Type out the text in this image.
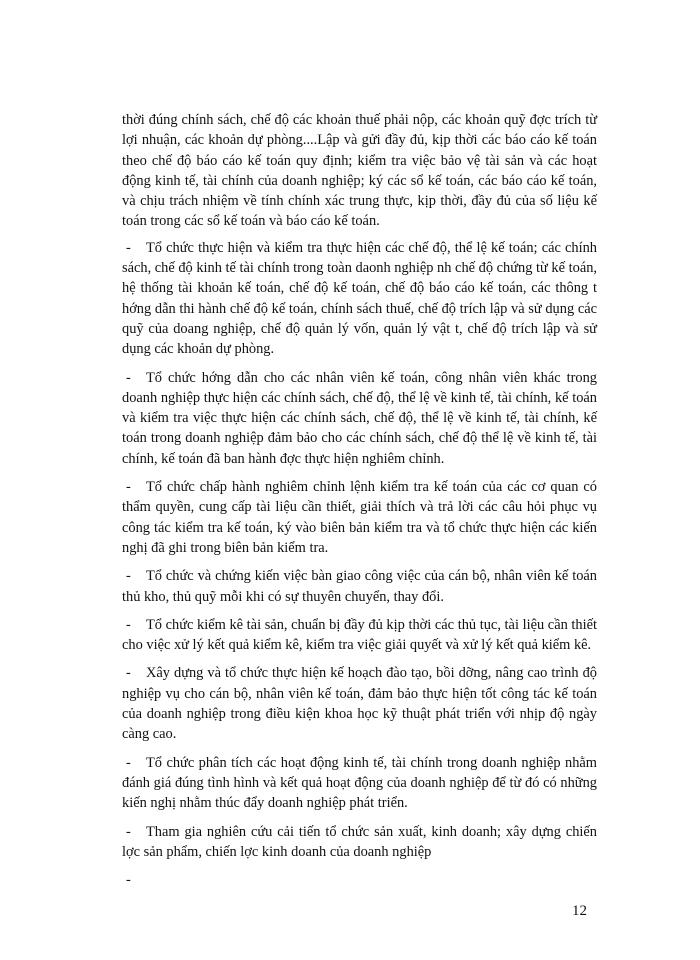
thời đúng chính sách, chế độ các khoản thuế phải nộp, các khoản quỹ đợc trích từ lợi nhuận, các khoản dự phòng....Lập và gửi đầy đủ, kịp thời các báo cáo kế toán theo chế độ báo cáo kế toán quy định; kiểm tra việc bảo vệ tài sản và các hoạt động kinh tế, tài chính của doanh nghiệp; ký các sổ kế toán, các báo cáo kế toán, và chịu trách nhiệm về tính chính xác trung thực, kịp thời, đầy đủ của số liệu kế toán trong các sổ kế toán và báo cáo kế toán.

- Tổ chức thực hiện và kiểm tra thực hiện các chế độ, thể lệ kế toán; các chính sách, chế độ kinh tế tài chính trong toàn daonh nghiệp nh chế độ chứng từ kế toán, hệ thống tài khoản kế toán, chế độ kế toán, chế độ báo cáo kế toán, các thông t hớng dẫn thi hành chế độ kế toán, chính sách thuế, chế độ trích lập và sử dụng các quỹ của doang nghiệp, chế độ quản lý vốn, quản lý vật t, chế độ trích lập và sử dụng các khoản dự phòng.

- Tổ chức hớng dẫn cho các nhân viên kế toán, công nhân viên khác trong doanh nghiệp thực hiện các chính sách, chế độ, thể lệ về kinh tế, tài chính, kế toán và kiểm tra việc thực hiện các chính sách, chế độ, thể lệ về kinh tế, tài chính, kế toán trong doanh nghiệp đảm bảo cho các chính sách, chế độ thể lệ về kinh tế, tài chính, kế toán đã ban hành đợc thực hiện nghiêm chỉnh.

- Tổ chức chấp hành nghiêm chỉnh lệnh kiểm tra kế toán của các cơ quan có thẩm quyền, cung cấp tài liệu cần thiết, giải thích và trả lời các câu hỏi phục vụ công tác kiểm tra kế toán, ký vào biên bản kiểm tra và tổ chức thực hiện các kiến nghị đã ghi trong biên bản kiểm tra.

- Tổ chức và chứng kiến việc bàn giao công việc của cán bộ, nhân viên kế toán thủ kho, thủ quỹ mỗi khi có sự thuyên chuyển, thay đổi.

- Tổ chức kiểm kê tài sản, chuẩn bị đầy đủ kịp thời các thủ tục, tài liệu cần thiết cho việc xử lý kết quả kiểm kê, kiểm tra việc giải quyết và xử lý kết quả kiểm kê.

- Xây dựng và tổ chức thực hiện kế hoạch đào tạo, bồi dỡng, nâng cao trình độ nghiệp vụ cho cán bộ, nhân viên kế toán, đảm bảo thực hiện tốt công tác kế toán của doanh nghiệp trong điều kiện khoa học kỹ thuật phát triển với nhịp độ ngày càng cao.

- Tổ chức phân tích các hoạt động kinh tế, tài chính trong doanh nghiệp nhằm đánh giá đúng tình hình và kết quả hoạt động của doanh nghiệp để từ đó có những kiến nghị nhằm thúc đẩy doanh nghiệp phát triển.

- Tham gia nghiên cứu cải tiến tổ chức sản xuất, kinh doanh; xây dựng chiến lợc sản phẩm, chiến lợc kinh doanh của doanh nghiệp

-

12
